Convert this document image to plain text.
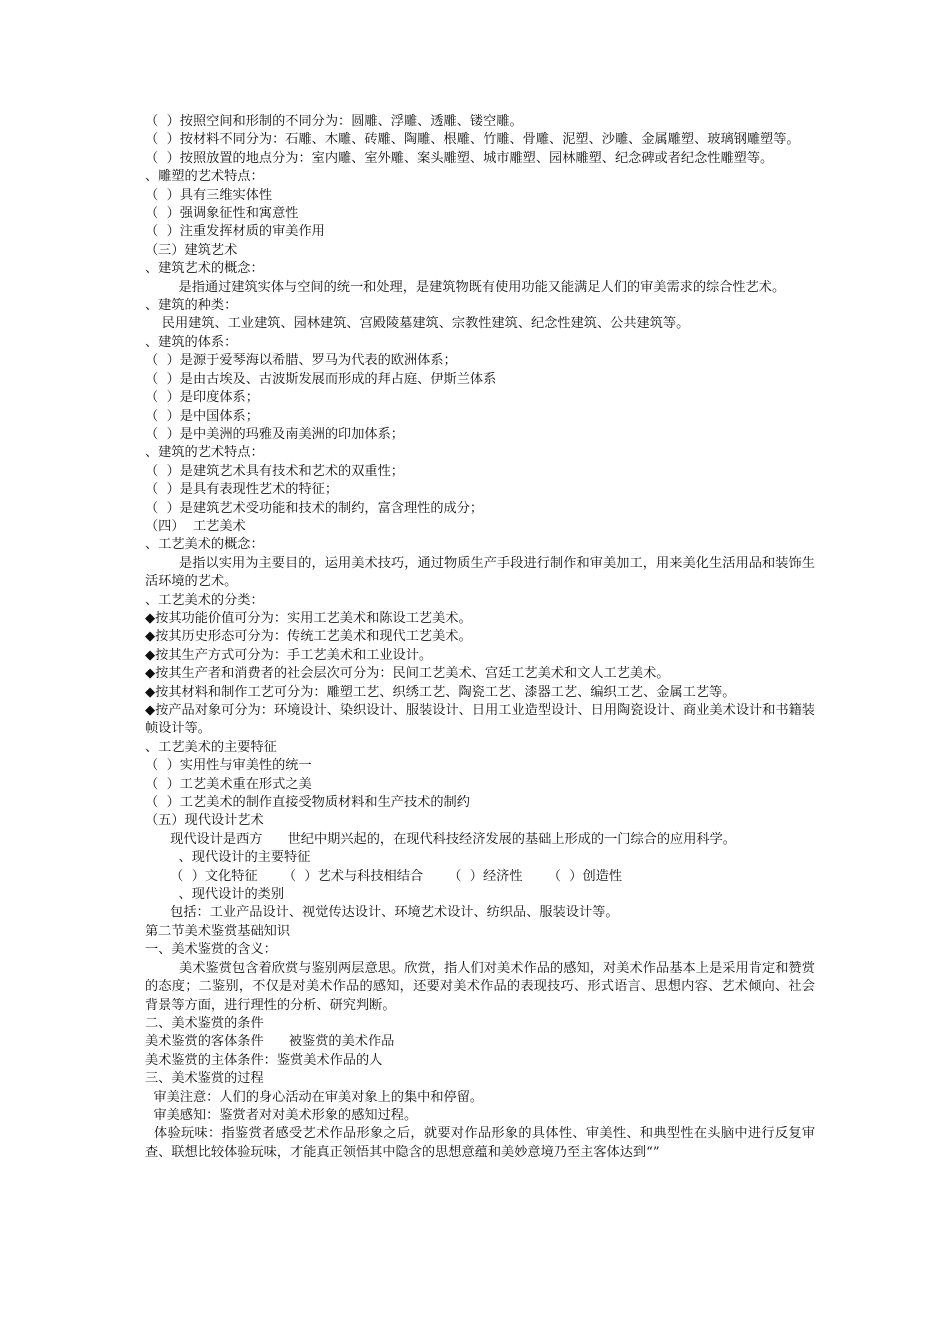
（  ）按照空间和形制的不同分为：圆雕、浮雕、透雕、镂空雕。
（  ）按材料不同分为：石雕、木雕、砖雕、陶雕、根雕、竹雕、骨雕、泥塑、沙雕、金属雕塑、玻璃钢雕塑等。
（  ）按照放置的地点分为：室内雕、室外雕、案头雕塑、城市雕塑、园林雕塑、纪念碑或者纪念性雕塑等。
、雕塑的艺术特点：
（  ）具有三维实体性
（  ）强调象征性和寓意性
（  ）注重发挥材质的审美作用
（三）建筑艺术
、建筑艺术的概念：
是指通过建筑实体与空间的统一和处理，是建筑物既有使用功能又能满足人们的审美需求的综合性艺术。
、建筑的种类：
民用建筑、工业建筑、园林建筑、宫殿陵墓建筑、宗教性建筑、纪念性建筑、公共建筑等。
、建筑的体系：
（  ）是源于爱琴海以希腊、罗马为代表的欧洲体系；
（  ）是由古埃及、古波斯发展而形成的拜占庭、伊斯兰体系
（  ）是印度体系；
（  ）是中国体系；
（  ）是中美洲的玛雅及南美洲的印加体系；
、建筑的艺术特点：
（  ）是建筑艺术具有技术和艺术的双重性；
（  ）是具有表现性艺术的特征；
（  ）是建筑艺术受功能和技术的制约，富含理性的成分；
（四）  工艺美术
、工艺美术的概念：
是指以实用为主要目的，运用美术技巧，通过物质生产手段进行制作和审美加工，用来美化生活用品和装饰生活环境的艺术。
、工艺美术的分类：
◆按其功能价值可分为：实用工艺美术和陈设工艺美术。
◆按其历史形态可分为：传统工艺美术和现代工艺美术。
◆按其生产方式可分为：手工艺美术和工业设计。
◆按其生产者和消费者的社会层次可分为：民间工艺美术、宫廷工艺美术和文人工艺美术。
◆按其材料和制作工艺可分为：雕塑工艺、织绣工艺、陶瓷工艺、漆器工艺、编织工艺、金属工艺等。
◆按产品对象可分为：环境设计、染织设计、服装设计、日用工业造型设计、日用陶瓷设计、商业美术设计和书籍装帧设计等。
、工艺美术的主要特征
（  ）实用性与审美性的统一
（  ）工艺美术重在形式之美
（  ）工艺美术的制作直接受物质材料和生产技术的制约
（五）现代设计艺术
现代设计是西方      世纪中期兴起的，在现代科技经济发展的基础上形成的一门综合的应用科学。
、现代设计的主要特征
（  ）文化特征      （  ）艺术与科技相结合      （  ）经济性      （  ）创造性
、现代设计的类别
包括：工业产品设计、视觉传达设计、环境艺术设计、纺织品、服装设计等。
第二节美术鉴赏基础知识
一、美术鉴赏的含义：
美术鉴赏包含着欣赏与鉴别两层意思。欣赏，指人们对美术作品的感知，对美术作品基本上是采用肯定和赞赏的态度；二鉴别，不仅是对美术作品的感知，还要对美术作品的表现技巧、形式语言、思想内容、艺术倾向、社会背景等方面，进行理性的分析、研究判断。
二、美术鉴赏的条件
美术鉴赏的客体条件      被鉴赏的美术作品
美术鉴赏的主体条件：鉴赏美术作品的人
三、美术鉴赏的过程
审美注意：人们的身心活动在审美对象上的集中和停留。
审美感知：鉴赏者对对美术形象的感知过程。
体验玩味：指鉴赏者感受艺术作品形象之后，就要对作品形象的具体性、审美性、和典型性在头脑中进行反复审查、联想比较体验玩味，才能真正领悟其中隐含的思想意蕴和美妙意境乃至主客体达到“”
